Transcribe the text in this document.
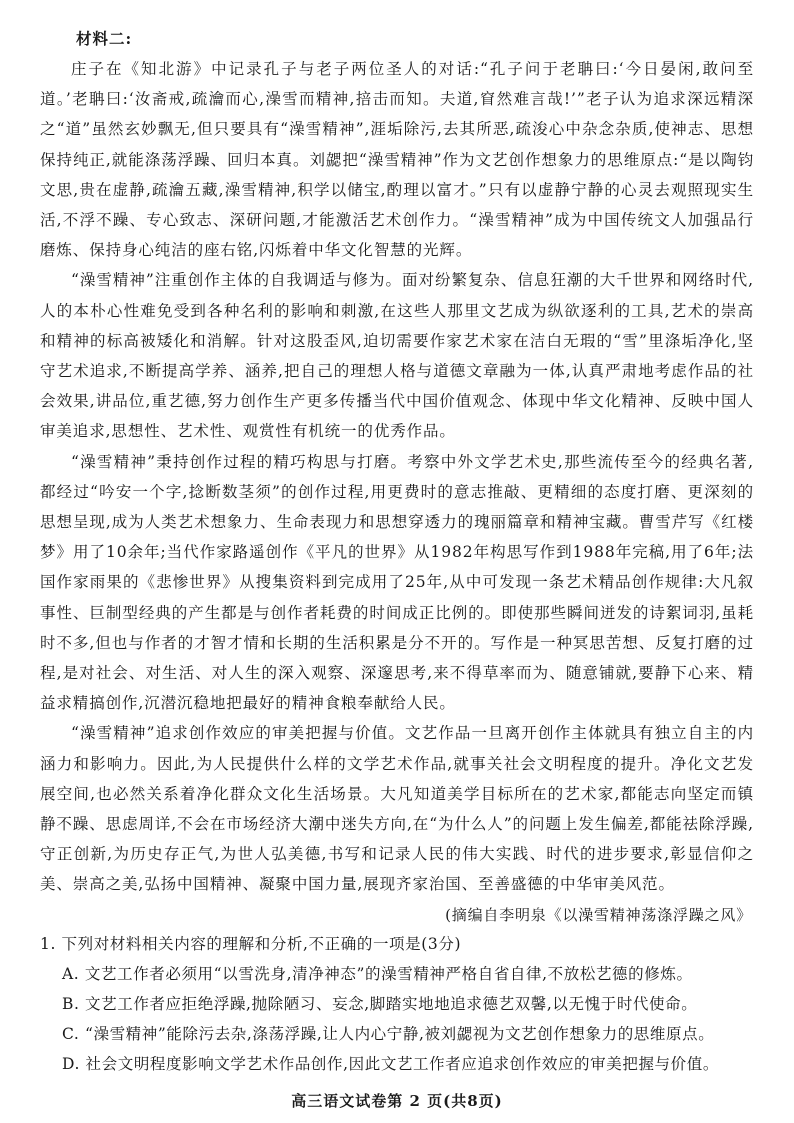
材料二:

庄子在《知北游》中记录孔子与老子两位圣人的对话:“孔子问于老聃曰:‘今日晏闲,敢问至道。’老聃曰:‘汝斋戒,疏瀹而心,澡雪而精神,掊击而知。夫道,窅然难言哉!’”老子认为追求深远精深之“道”虽然玄妙飘无,但只要具有“澡雪精神”,涯垢除污,去其所恶,疏浚心中杂念杂质,使神志、思想保持纯正,就能涤荡浮躁、回归本真。刘勰把“澡雪精神”作为文艺创作想象力的思维原点:“是以陶钧文思,贵在虚静,疏瀹五藏,澡雪精神,积学以储宝,酌理以富才。”只有以虚静宁静的心灵去观照现实生活,不浮不躁、专心致志、深研问题,才能激活艺术创作力。“澡雪精神”成为中国传统文人加强品行磨炼、保持身心纯洁的座右铭,闪烁着中华文化智慧的光辉。

“澡雪精神”注重创作主体的自我调适与修为。面对纷繁复杂、信息狂潮的大千世界和网络时代,人的本朴心性难免受到各种名利的影响和刺激,在这些人那里文艺成为纵欲逐利的工具,艺术的崇高和精神的标高被矮化和消解。针对这股歪风,迫切需要作家艺术家在洁白无瑕的“雪”里涤垢净化,坚守艺术追求,不断提高学养、涵养,把自己的理想人格与道德文章融为一体,认真严肃地考虑作品的社会效果,讲品位,重艺德,努力创作生产更多传播当代中国价值观念、体现中华文化精神、反映中国人审美追求,思想性、艺术性、观赏性有机统一的优秀作品。

“澡雪精神”秉持创作过程的精巧构思与打磨。考察中外文学艺术史,那些流传至今的经典名著,都经过“吟安一个字,捻断数茎须”的创作过程,用更费时的意志推敲、更精细的态度打磨、更深刻的思想呈现,成为人类艺术想象力、生命表现力和思想穿透力的瑰丽篇章和精神宝藏。曹雪芹写《红楼梦》用了10余年;当代作家路遥创作《平凡的世界》从1982年构思写作到1988年完稿,用了6年;法国作家雨果的《悲惨世界》从搜集资料到完成用了25年,从中可发现一条艺术精品创作规律:大凡叙事性、巨制型经典的产生都是与创作者耗费的时间成正比例的。即使那些瞬间迸发的诗絮词羽,虽耗时不多,但也与作者的才智才情和长期的生活积累是分不开的。写作是一种冥思苦想、反复打磨的过程,是对社会、对生活、对人生的深入观察、深邃思考,来不得草率而为、随意铺就,要静下心来、精益求精搞创作,沉潜沉稳地把最好的精神食粮奉献给人民。

“澡雪精神”追求创作效应的审美把握与价值。文艺作品一旦离开创作主体就具有独立自主的内涵力和影响力。因此,为人民提供什么样的文学艺术作品,就事关社会文明程度的提升。净化文艺发展空间,也必然关系着净化群众文化生活场景。大凡知道美学目标所在的艺术家,都能志向坚定而镇静不躁、思虑周详,不会在市场经济大潮中迷失方向,在“为什么人”的问题上发生偏差,都能祛除浮躁,守正创新,为历史存正气,为世人弘美德,书写和记录人民的伟大实践、时代的进步要求,彰显信仰之美、崇高之美,弘扬中国精神、凝聚中国力量,展现齐家治国、至善盛德的中华审美风范。

(摘编自李明泉《以澡雪精神荡涤浮躁之风》
1. 下列对材料相关内容的理解和分析,不正确的一项是(3分)
A. 文艺工作者必须用“以雪洗身,清净神态”的澡雪精神严格自省自律,不放松艺德的修炼。
B. 文艺工作者应拒绝浮躁,抛除陋习、妄念,脚踏实地地追求德艺双馨,以无愧于时代使命。
C. “澡雪精神”能除污去杂,涤荡浮躁,让人内心宁静,被刘勰视为文艺创作想象力的思维原点。
D. 社会文明程度影响文学艺术作品创作,因此文艺工作者应追求创作效应的审美把握与价值。
高三语文试卷第 2 页(共8页)
